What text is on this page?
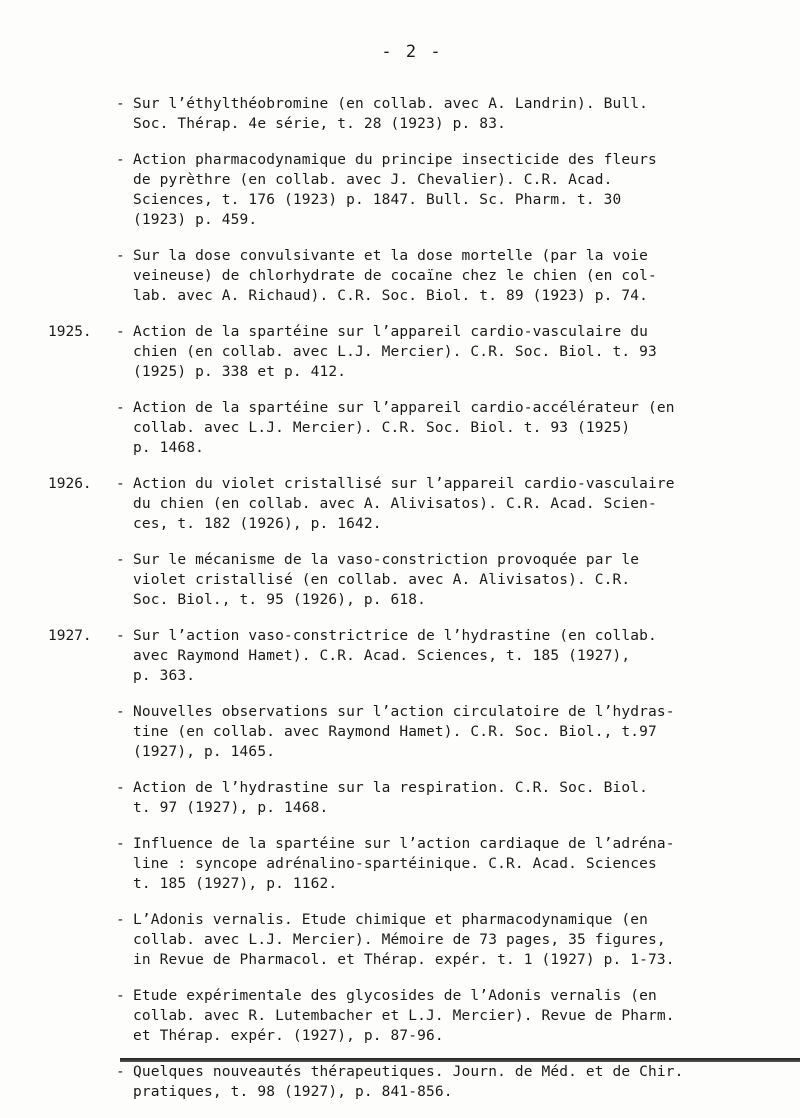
- 2 -
- Sur l’éthylthéobromine (en collab. avec A. Landrin). Bull.
Soc. Thérap. 4e série, t. 28 (1923) p. 83.
- Action pharmacodynamique du principe insecticide des fleurs
de pyrèthre (en collab. avec J. Chevalier). C.R. Acad.
Sciences, t. 176 (1923) p. 1847. Bull. Sc. Pharm. t. 30
(1923) p. 459.
- Sur la dose convulsivante et la dose mortelle (par la voie
veineuse) de chlorhydrate de cocaïne chez le chien (en col-
lab. avec A. Richaud). C.R. Soc. Biol. t. 89 (1923) p. 74.
1925. - Action de la spartéine sur l’appareil cardio-vasculaire du
chien (en collab. avec L.J. Mercier). C.R. Soc. Biol. t. 93
(1925) p. 338 et p. 412.
- Action de la spartéine sur l’appareil cardio-accélérateur (en
collab. avec L.J. Mercier). C.R. Soc. Biol. t. 93 (1925)
p. 1468.
1926. - Action du violet cristallisé sur l’appareil cardio-vasculaire
du chien (en collab. avec A. Alivisatos). C.R. Acad. Scien-
ces, t. 182 (1926), p. 1642.
- Sur le mécanisme de la vaso-constriction provoquée par le
violet cristallisé (en collab. avec A. Alivisatos). C.R.
Soc. Biol., t. 95 (1926), p. 618.
1927. - Sur l’action vaso-constrictrice de l’hydrastine (en collab.
avec Raymond Hamet). C.R. Acad. Sciences, t. 185 (1927),
p. 363.
- Nouvelles observations sur l’action circulatoire de l’hydras-
tine (en collab. avec Raymond Hamet). C.R. Soc. Biol., t.97
(1927), p. 1465.
- Action de l’hydrastine sur la respiration. C.R. Soc. Biol.
t. 97 (1927), p. 1468.
- Influence de la spartéine sur l’action cardiaque de l’adréna-
line : syncope adrénalino-spartéinique. C.R. Acad. Sciences
t. 185 (1927), p. 1162.
- L’Adonis vernalis. Etude chimique et pharmacodynamique (en
collab. avec L.J. Mercier). Mémoire de 73 pages, 35 figures,
in Revue de Pharmacol. et Thérap. expér. t. 1 (1927) p. 1-73.
- Etude expérimentale des glycosides de l’Adonis vernalis (en
collab. avec R. Lutembacher et L.J. Mercier). Revue de Pharm.
et Thérap. expér. (1927), p. 87-96.
- Quelques nouveautés thérapeutiques. Journ. de Méd. et de Chir.
pratiques, t. 98 (1927), p. 841-856.
